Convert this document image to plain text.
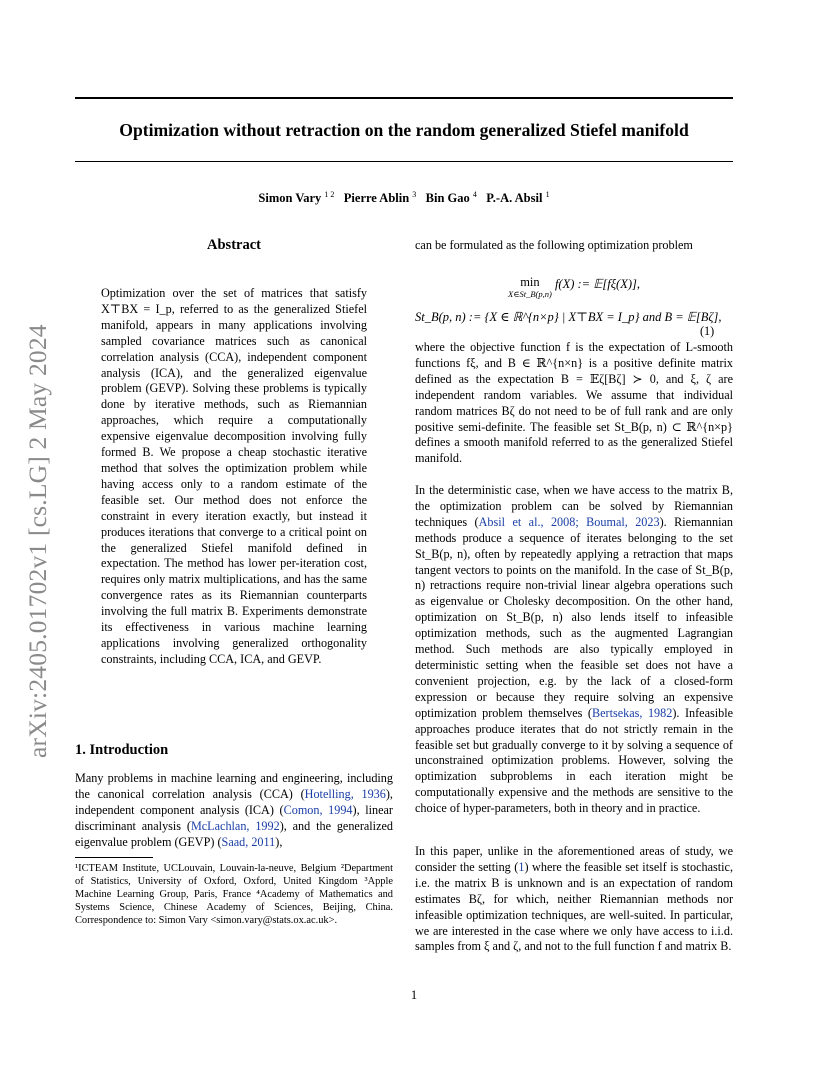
arXiv:2405.01702v1 [cs.LG] 2 May 2024
Optimization without retraction on the random generalized Stiefel manifold
Simon Vary $^{1 2}$ Pierre Ablin $^3$ Bin Gao $^4$ P.-A. Absil $^1$
Abstract
Optimization over the set of matrices that satisfy X⊤BX = I_p, referred to as the generalized Stiefel manifold, appears in many applications involving sampled covariance matrices such as canonical correlation analysis (CCA), independent component analysis (ICA), and the generalized eigenvalue problem (GEVP). Solving these problems is typically done by iterative methods, such as Riemannian approaches, which require a computationally expensive eigenvalue decomposition involving fully formed B. We propose a cheap stochastic iterative method that solves the optimization problem while having access only to a random estimate of the feasible set. Our method does not enforce the constraint in every iteration exactly, but instead it produces iterations that converge to a critical point on the generalized Stiefel manifold defined in expectation. The method has lower per-iteration cost, requires only matrix multiplications, and has the same convergence rates as its Riemannian counterparts involving the full matrix B. Experiments demonstrate its effectiveness in various machine learning applications involving generalized orthogonality constraints, including CCA, ICA, and GEVP.
1. Introduction

Many problems in machine learning and engineering, including the canonical correlation analysis (CCA) (Hotelling, 1936), independent component analysis (ICA) (Comon, 1994), linear discriminant analysis (McLachlan, 1992), and the generalized eigenvalue problem (GEVP) (Saad, 2011),

¹ICTEAM Institute, UCLouvain, Louvain-la-neuve, Belgium ²Department of Statistics, University of Oxford, Oxford, United Kingdom ³Apple Machine Learning Group, Paris, France ⁴Academy of Mathematics and Systems Science, Chinese Academy of Sciences, Beijing, China. Correspondence to: Simon Vary <simon.vary@stats.ox.ac.uk>.
can be formulated as the following optimization problem
min
X∈St_B(p,n)
f(X) := 𝔼[fξ(X)],
St_B(p, n) := {X ∈ ℝ^{n×p} | X⊤BX = I_p} and B = 𝔼[Bζ],
(1)

where the objective function f is the expectation of L-smooth functions fξ, and B ∈ ℝ^{n×n} is a positive definite matrix defined as the expectation B = 𝔼ζ[Bζ] ≻ 0, and ξ, ζ are independent random variables. We assume that individual random matrices Bζ do not need to be of full rank and are only positive semi-definite. The feasible set St_B(p, n) ⊂ ℝ^{n×p} defines a smooth manifold referred to as the generalized Stiefel manifold.

In the deterministic case, when we have access to the matrix B, the optimization problem can be solved by Riemannian techniques (Absil et al., 2008; Boumal, 2023). Riemannian methods produce a sequence of iterates belonging to the set St_B(p, n), often by repeatedly applying a retraction that maps tangent vectors to points on the manifold. In the case of St_B(p, n) retractions require non-trivial linear algebra operations such as eigenvalue or Cholesky decomposition. On the other hand, optimization on St_B(p, n) also lends itself to infeasible optimization methods, such as the augmented Lagrangian method. Such methods are also typically employed in deterministic setting when the feasible set does not have a convenient projection, e.g. by the lack of a closed-form expression or because they require solving an expensive optimization problem themselves (Bertsekas, 1982). Infeasible approaches produce iterates that do not strictly remain in the feasible set but gradually converge to it by solving a sequence of unconstrained optimization problems. However, solving the optimization subproblems in each iteration might be computationally expensive and the methods are sensitive to the choice of hyper-parameters, both in theory and in practice.

In this paper, unlike in the aforementioned areas of study, we consider the setting (1) where the feasible set itself is stochastic, i.e. the matrix B is unknown and is an expectation of random estimates Bζ, for which, neither Riemannian methods nor infeasible optimization techniques, are well-suited. In particular, we are interested in the case where we only have access to i.i.d. samples from ξ and ζ, and not to the full function f and matrix B.

1
